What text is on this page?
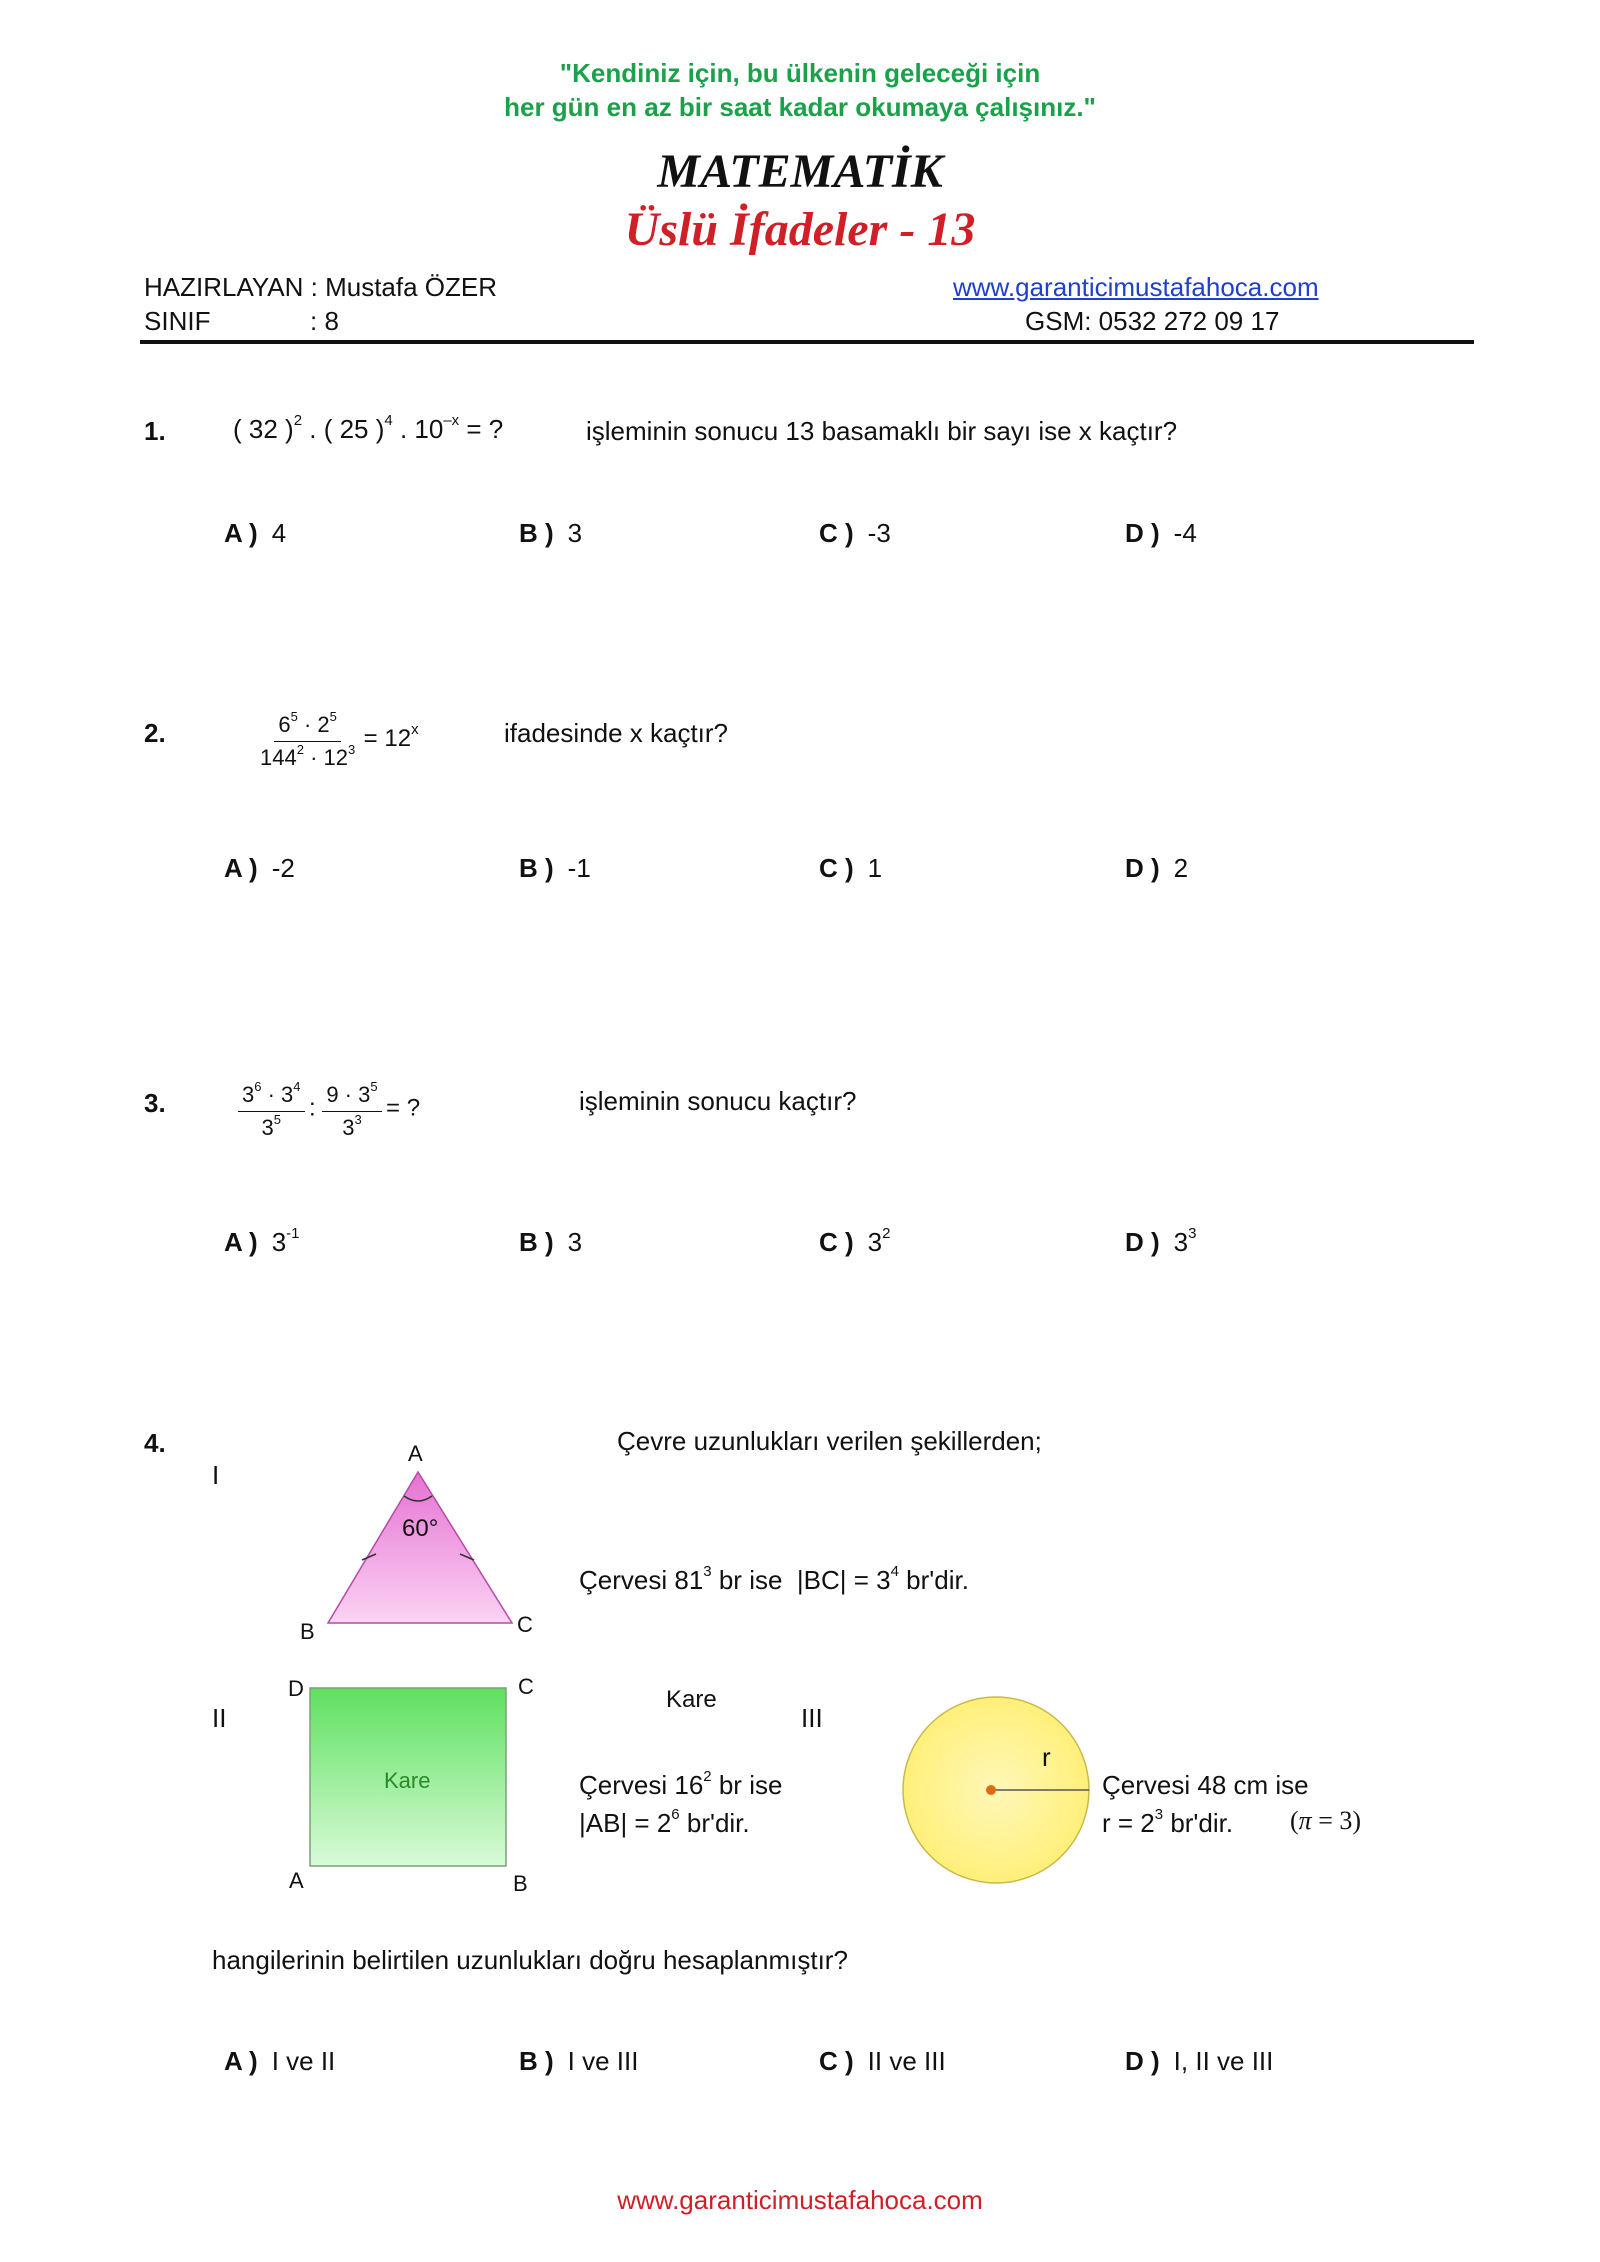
"Kendiniz için, bu ülkenin geleceği için
her gün en az bir saat kadar okumaya çalışınız."
MATEMATİK
Üslü İfadeler - 13
HAZIRLAYAN : Mustafa ÖZER	www.garanticimustafahoca.com
SINIF	: 8	GSM: 0532 272 09 17
1.	( 32 )$^2$ . ( 25 )$^4$ . $10^{-x}$ = ?	işleminin sonucu 13 basamaklı bir sayı ise x kaçtır?
A ) 4	B ) 3	C ) -3	D ) -4
2.	$\frac{6^5 \cdot 2^5}{144^2 \cdot 12^3} = 12^x$	ifadesinde x kaçtır?
A ) -2	B ) -1	C ) 1	D ) 2
3.	$\frac{3^6 \cdot 3^4}{3^5}$ : $\frac{9 \cdot 3^5}{3^3}$ = ?	işleminin sonucu kaçtır?
A ) $3^{-1}$	B ) 3	C ) $3^2$	D ) $3^3$
4.	Çevre uzunlukları verilen şekillerden;
I
A
B	C
60°
Çervesi $81^3$ br ise  $|BC| = 3^4$ br'dir.
II
Kare
D	C
A	B
Kare
Çervesi $16^2$ br ise
$|AB| = 2^6$ br'dir.
III
r
Çervesi 48 cm ise
$r = 2^3$ br'dir. (π = 3)
hangilerinin belirtilen uzunlukları doğru hesaplanmıştır?
A ) I ve II	B ) I ve III	C ) II ve III	D ) I, II ve III
www.garanticimustafahoca.com
